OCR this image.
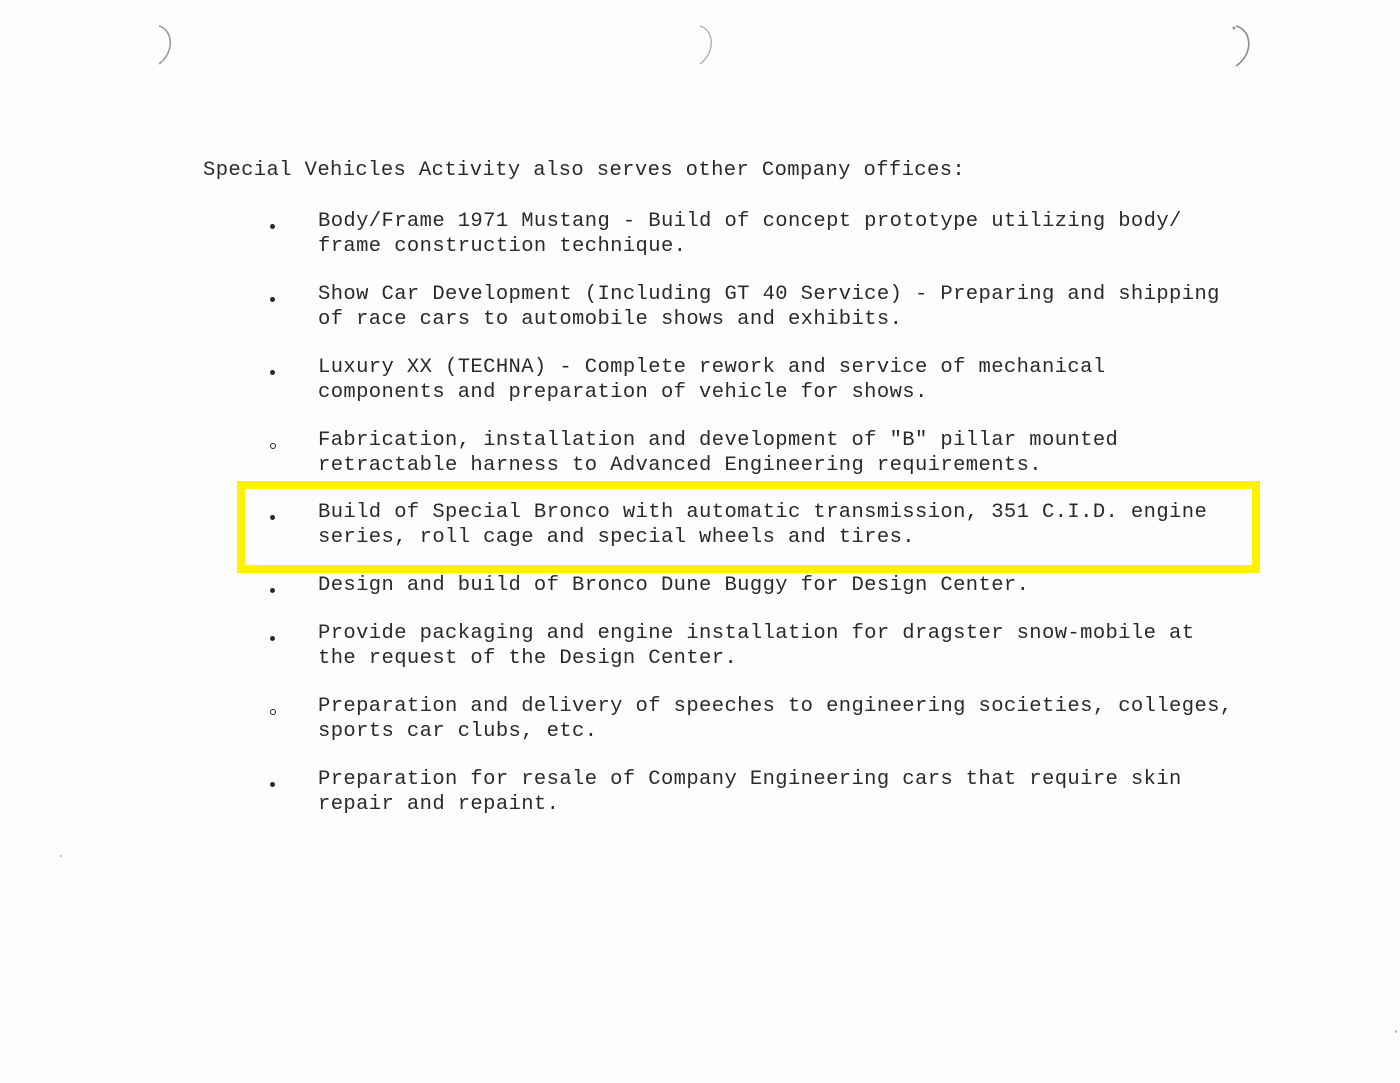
Special Vehicles Activity also serves other Company offices:
Body/Frame 1971 Mustang - Build of concept prototype utilizing body/
frame construction technique.
Show Car Development (Including GT 40 Service) - Preparing and shipping
of race cars to automobile shows and exhibits.
Luxury XX (TECHNA) - Complete rework and service of mechanical
components and preparation of vehicle for shows.
Fabrication, installation and development of "B" pillar mounted
retractable harness to Advanced Engineering requirements.
Build of Special Bronco with automatic transmission, 351 C.I.D. engine
series, roll cage and special wheels and tires.
Design and build of Bronco Dune Buggy for Design Center.
Provide packaging and engine installation for dragster snow-mobile at
the request of the Design Center.
Preparation and delivery of speeches to engineering societies, colleges,
sports car clubs, etc.
Preparation for resale of Company Engineering cars that require skin
repair and repaint.
